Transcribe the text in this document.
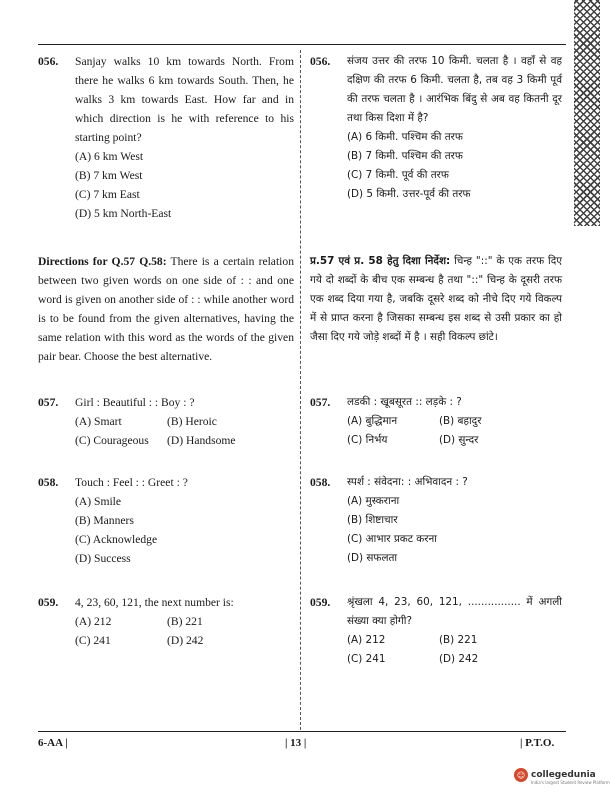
056. Sanjay walks 10 km towards North. From there he walks 6 km towards South. Then, he walks 3 km towards East. How far and in which direction is he with reference to his starting point?
(A) 6 km West
(B) 7 km West
(C) 7 km East
(D) 5 km North-East
056. संजय उत्तर की तरफ 10 किमी. चलता है । वहाँ से वह दक्षिण की तरफ 6 किमी. चलता है, तब वह 3 किमी पूर्व की तरफ चलता है । आरंभिक बिंदु से अब वह कितनी दूर तथा किस दिशा में है?
(A) 6 किमी. पश्चिम की तरफ
(B) 7 किमी. पश्चिम की तरफ
(C) 7 किमी. पूर्व की तरफ
(D) 5 किमी. उत्तर-पूर्व की तरफ
Directions for Q.57 Q.58: There is a certain relation between two given words on one side of : : and one word is given on another side of : : while another word is to be found from the given alternatives, having the same relation with this word as the words of the given pair bear. Choose the best alternative.
प्र.57 एवं प्र. 58 हेतु दिशा निर्देश: चिन्ह "::" के एक तरफ दिए गये दो शब्दों के बीच एक सम्बन्ध है तथा "::" चिन्ह के दूसरी तरफ एक शब्द दिया गया है, जबकि दूसरे शब्द को नीचे दिए गये विकल्प में से प्राप्त करना है जिसका सम्बन्ध इस शब्द से उसी प्रकार का हो जैसा दिए गये जोड़े शब्दों में है । सही विकल्प छांटे।
057. Girl : Beautiful : : Boy : ?
(A) Smart	(B) Heroic
(C) Courageous	(D) Handsome
057. लडकी : खूबसूरत :: लड़के : ?
(A) बुद्धिमान	(B) बहादुर
(C) निर्भय	(D) सुन्दर
058. Touch : Feel : : Greet : ?
(A) Smile
(B) Manners
(C) Acknowledge
(D) Success
058. स्पर्श : संवेदना: : अभिवादन : ?
(A) मुस्कराना
(B) शिष्टाचार
(C) आभार प्रकट करना
(D) सफलता
059. 4, 23, 60, 121, the next number is:
(A) 212	(B) 221
(C) 241	(D) 242
059. श्रृंखला 4, 23, 60, 121, ................ में अगली संख्या क्या होगी?
(A) 212	(B) 221
(C) 241	(D) 242
6-AA |	| 13 |	| P.T.O.
☺ collegedunia
India's largest Student Review Platform
